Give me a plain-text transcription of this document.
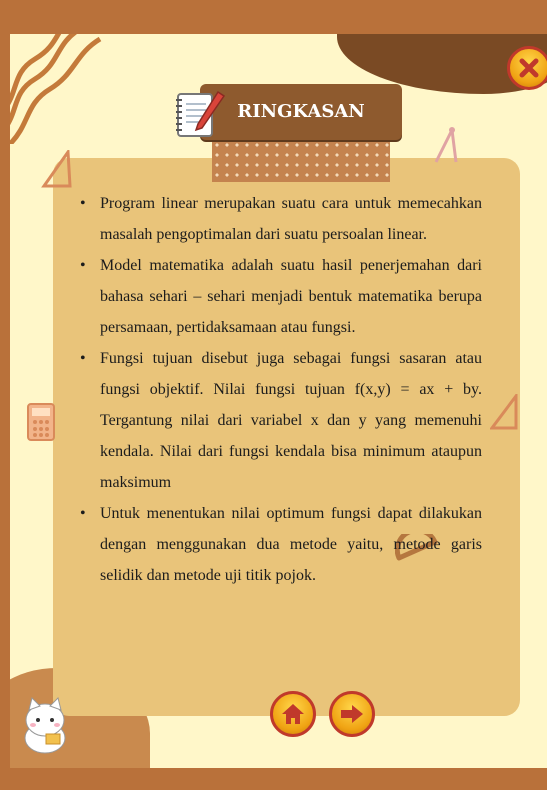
RINGKASAN
• Program linear merupakan suatu cara untuk memecahkan masalah pengoptimalan dari suatu persoalan linear.
• Model matematika adalah suatu hasil penerjemahan dari bahasa sehari – sehari menjadi bentuk matematika berupa persamaan, pertidaksamaan atau fungsi.
• Fungsi tujuan disebut juga sebagai fungsi sasaran atau fungsi objektif. Nilai fungsi tujuan f(x,y) = ax + by. Tergantung nilai dari variabel x dan y yang memenuhi kendala. Nilai dari fungsi kendala bisa minimum ataupun maksimum
• Untuk menentukan nilai optimum fungsi dapat dilakukan dengan menggunakan dua metode yaitu, metode garis selidik dan metode uji titik pojok.
